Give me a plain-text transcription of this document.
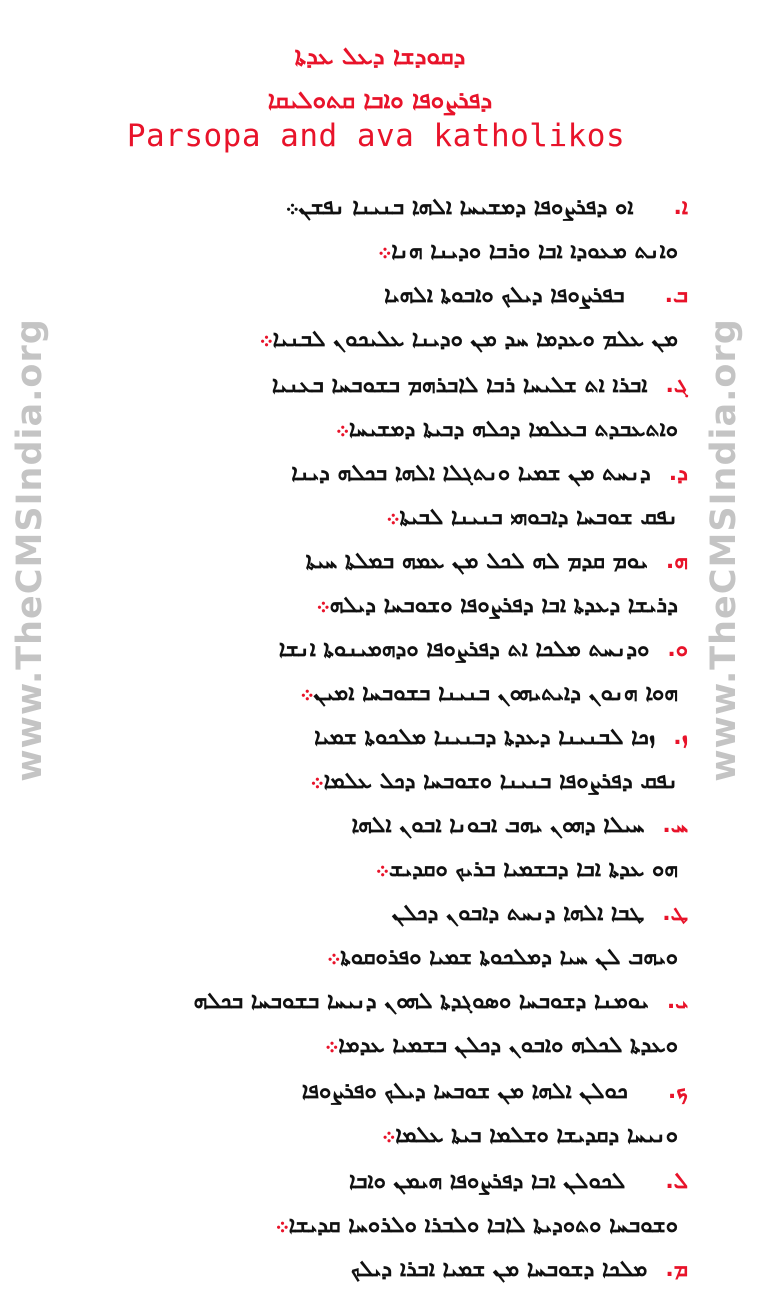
www.TheCMSIndia.org	www.TheCMSIndia.org
ܕܩܘܕܫܐ ܕܥܠ ܥܕܬܐ
ܕܦܪܨܘܦܐ ܘܐܒܐ ܩܬܘܠܝܩܐ
Parsopa and ava katholikos
ܐ.
ܐܘ ܕܦܪܨܘܦܐ ܕܡܫܝܚܐ ܐܠܗܐ ܒܢܝܢܐ ܢܦܫܢ܀
ܘܐܢܬ ܡܥܘܕܐ ܐܒܐ ܘܪܒܐ ܘܕܝܢܐ ܗܢܐ
܀
ܒ.
ܒܦܪܨܘܦܐ ܕܝܠܟ ܘܐܒܘܬܐ ܐܠܗܝܐ
ܡܢ ܥܠܡ ܘܥܕܡܐ ܚܕ ܡܢ ܘܕܝܢܐ ܥܠܝܟܘܢ ܠܒܢܝܐ
܀
ܓ.
ܐܒܪܐ ܐܬ ܫܠܝܚܐ ܪܒܐ ܠܐܒܪܗܡ ܒܫܘܒܚܐ ܒܥܢܝܐ
ܘܐܬܥܒܕܬ ܒܥܠܡܐ ܕܟܠܗ ܕܒܝܬܐ ܕܡܫܝܚܐ
܀
ܕ.
ܕܢܚܬ ܡܢ ܫܡܝܐ ܘܢܬܓܠܐ ܐܠܗܐ ܒܟܠܗ ܕܝܢܐ
ܢܦܩ ܫܘܒܚܐ ܕܐܒܘܗܝ ܒܢܝܢܐ ܠܒܝܬܐ
܀
ܗ.
ܝܘܡ ܩܕܡ ܠܗ ܠܟܠ ܡܢ ܥܡܗ ܒܡܠܬܐ ܚܝܬܐ
ܕܪܝܫܐ ܕܥܕܬܐ ܐܒܐ ܕܦܪܨܘܦܐ ܘܫܘܒܚܐ ܕܝܠܗ
܀
ܘ.
ܘܕܢܚܬ ܡܠܟܐ ܐܬ ܕܦܪܨܘܦܐ ܘܕܗܡܝܢܘܬܐ ܐܢܫܐ
ܗܘܐ ܗܢܘܢ ܕܐܝܬܝܗܘܢ ܒܢܝܢܐ ܒܫܘܒܚܐ ܐܡܝܢ
܀
ܙ.
ܙܟܐ ܠܒܢܝܢܐ ܕܥܕܬܐ ܕܒܢܝܢܐ ܡܠܟܘܬܐ ܫܡܝܐ
ܢܦܩ ܕܦܪܨܘܦܐ ܒܢܝܢܐ ܘܫܘܒܚܐ ܕܟܠ ܥܠܡܐ
܀
ܚ.
ܚܝܠܐ ܕܗܘܢ ܝܗܒ ܐܒܘܢܐ ܐܒܘܢ ܐܠܗܐ
ܗܘ ܥܕܬܐ ܐܒܐ ܕܒܫܡܝܐ ܒܪܝܟ ܘܩܕܝܫ
܀
ܛ.
ܛܒܐ ܐܠܗܐ ܕܢܚܬ ܕܐܒܘܢ ܕܟܠܢ
ܘܝܗܒ ܠܢ ܚܝܐ ܕܡܠܟܘܬܐ ܫܡܝܐ ܘܦܪܘܩܘܬܐ
܀
ܝ.
ܝܘܡܢܐ ܕܫܘܒܚܐ ܘܣܘܓܕܬܐ ܠܗܘܢ ܕܢܝܚܐ ܒܫܘܒܚܐ ܒܟܠܗ
ܘܥܕܬܐ ܠܟܠܗ ܘܐܒܘܢ ܕܟܠܢ ܒܫܡܝܐ ܥܕܡܐ
܀
ܟ.
ܟܘܠܢ ܐܠܗܐ ܡܢ ܫܘܒܚܐ ܕܝܠܟ ܘܦܪܨܘܦܐ
ܘܢܝܚܐ ܕܩܕܝܫܐ ܘܫܠܡܐ ܒܝܬܐ ܥܠܡܐ
܀
ܠ.
ܠܟܘܠܢ ܐܒܐ ܕܦܪܨܘܦܐ ܗܝܡܢ ܘܐܒܐ
ܘܫܘܒܚܐ ܘܬܘܕܝܬܐ ܠܐܒܐ ܘܠܒܪܐ ܘܠܪܘܚܐ ܩܕܝܫܐ
܀
ܡ.
ܡܠܟܐ ܕܫܘܒܚܐ ܡܢ ܫܡܝܐ ܐܒܪܐ ܕܝܠܟ
